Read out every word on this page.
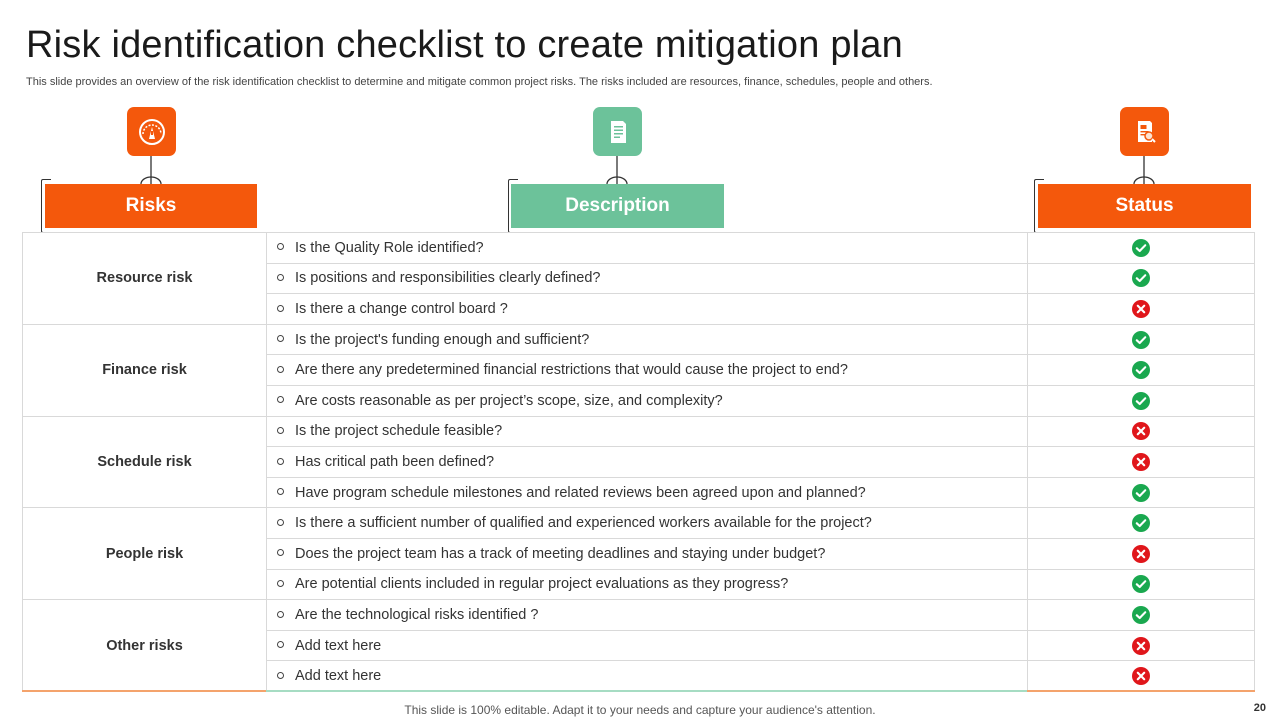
Risk identification checklist to create mitigation plan

This slide provides an overview of the risk identification checklist to determine and mitigate common project risks. The risks included are resources, finance, schedules, people and others.

Risks	Description	Status
Resource risk	Is the Quality Role identified?	
	Is positions and responsibilities clearly defined?	
	Is there a change control board ?	
Finance risk	Is the project's funding enough and sufficient?	
	Are there any predetermined financial restrictions that would cause the project to end?	
	Are costs reasonable as per project’s scope, size, and complexity?	
Schedule risk	Is the project schedule feasible?	
	Has critical path been defined?	
	Have program schedule milestones and related reviews been agreed upon and planned?	
People risk	Is there a sufficient number of qualified and experienced workers available for the project?	
	Does the project team has a track of meeting deadlines and staying under budget?	
	Are potential clients included in regular project evaluations as they progress?	
Other risks	Are the technological risks identified ?	
	Add text here	
	Add text here	
This slide is 100% editable. Adapt it to your needs and capture your audience's attention.	20
